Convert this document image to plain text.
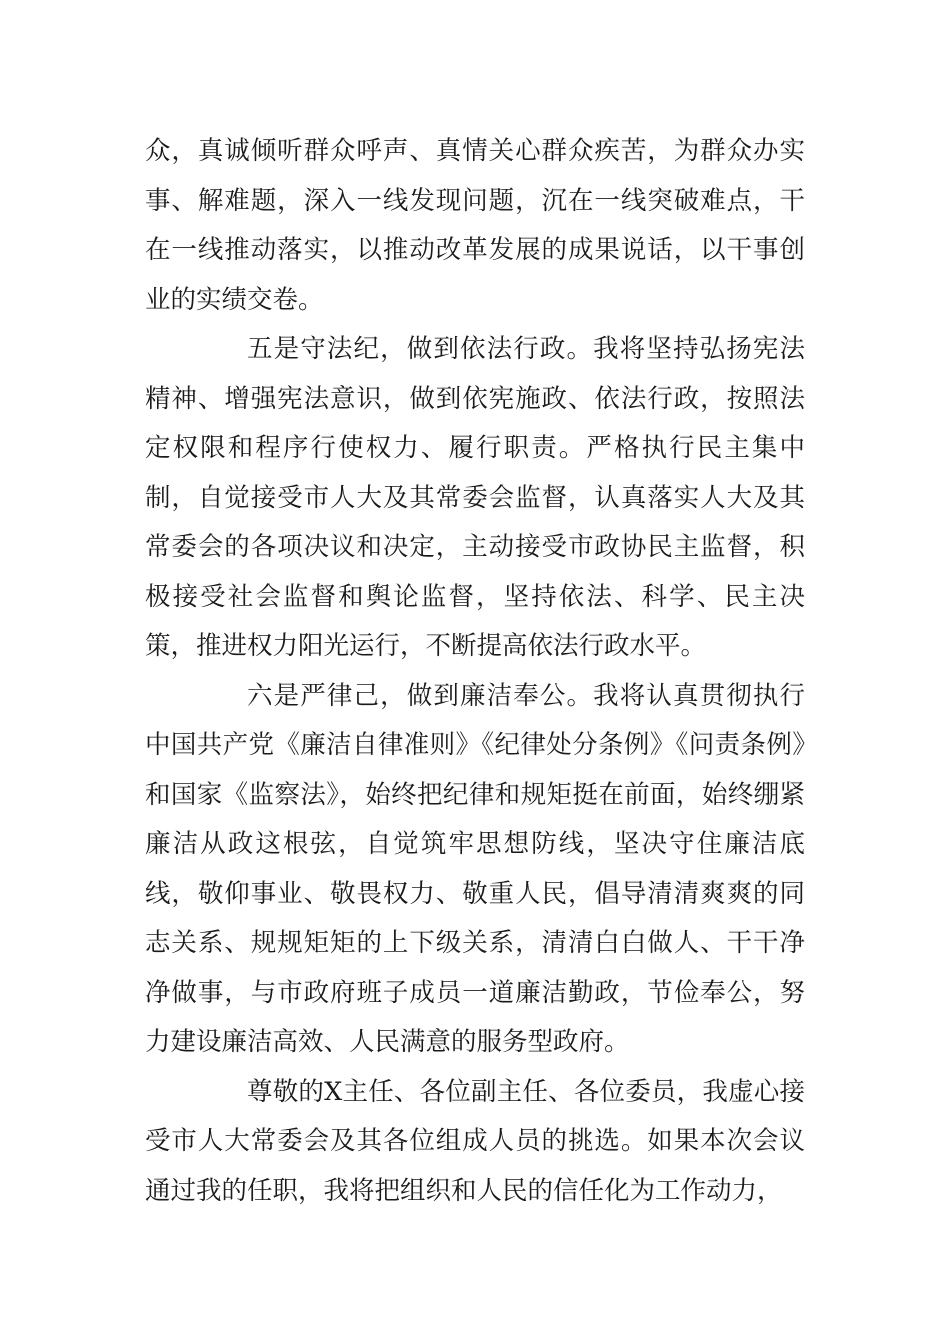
众，真诚倾听群众呼声、真情关心群众疾苦，为群众办实事、解难题，深入一线发现问题，沉在一线突破难点，干在一线推动落实，以推动改革发展的成果说话，以干事创业的实绩交卷。

五是守法纪，做到依法行政。我将坚持弘扬宪法精神、增强宪法意识，做到依宪施政、依法行政，按照法定权限和程序行使权力、履行职责。严格执行民主集中制，自觉接受市人大及其常委会监督，认真落实人大及其常委会的各项决议和决定，主动接受市政协民主监督，积极接受社会监督和舆论监督，坚持依法、科学、民主决策，推进权力阳光运行，不断提高依法行政水平。

六是严律己，做到廉洁奉公。我将认真贯彻执行中国共产党《廉洁自律准则》《纪律处分条例》《问责条例》和国家《监察法》，始终把纪律和规矩挺在前面，始终绷紧廉洁从政这根弦，自觉筑牢思想防线，坚决守住廉洁底线，敬仰事业、敬畏权力、敬重人民，倡导清清爽爽的同志关系、规规矩矩的上下级关系，清清白白做人、干干净净做事，与市政府班子成员一道廉洁勤政，节俭奉公，努力建设廉洁高效、人民满意的服务型政府。

尊敬的X主任、各位副主任、各位委员，我虚心接受市人大常委会及其各位组成人员的挑选。如果本次会议通过我的任职，我将把组织和人民的信任化为工作动力，
